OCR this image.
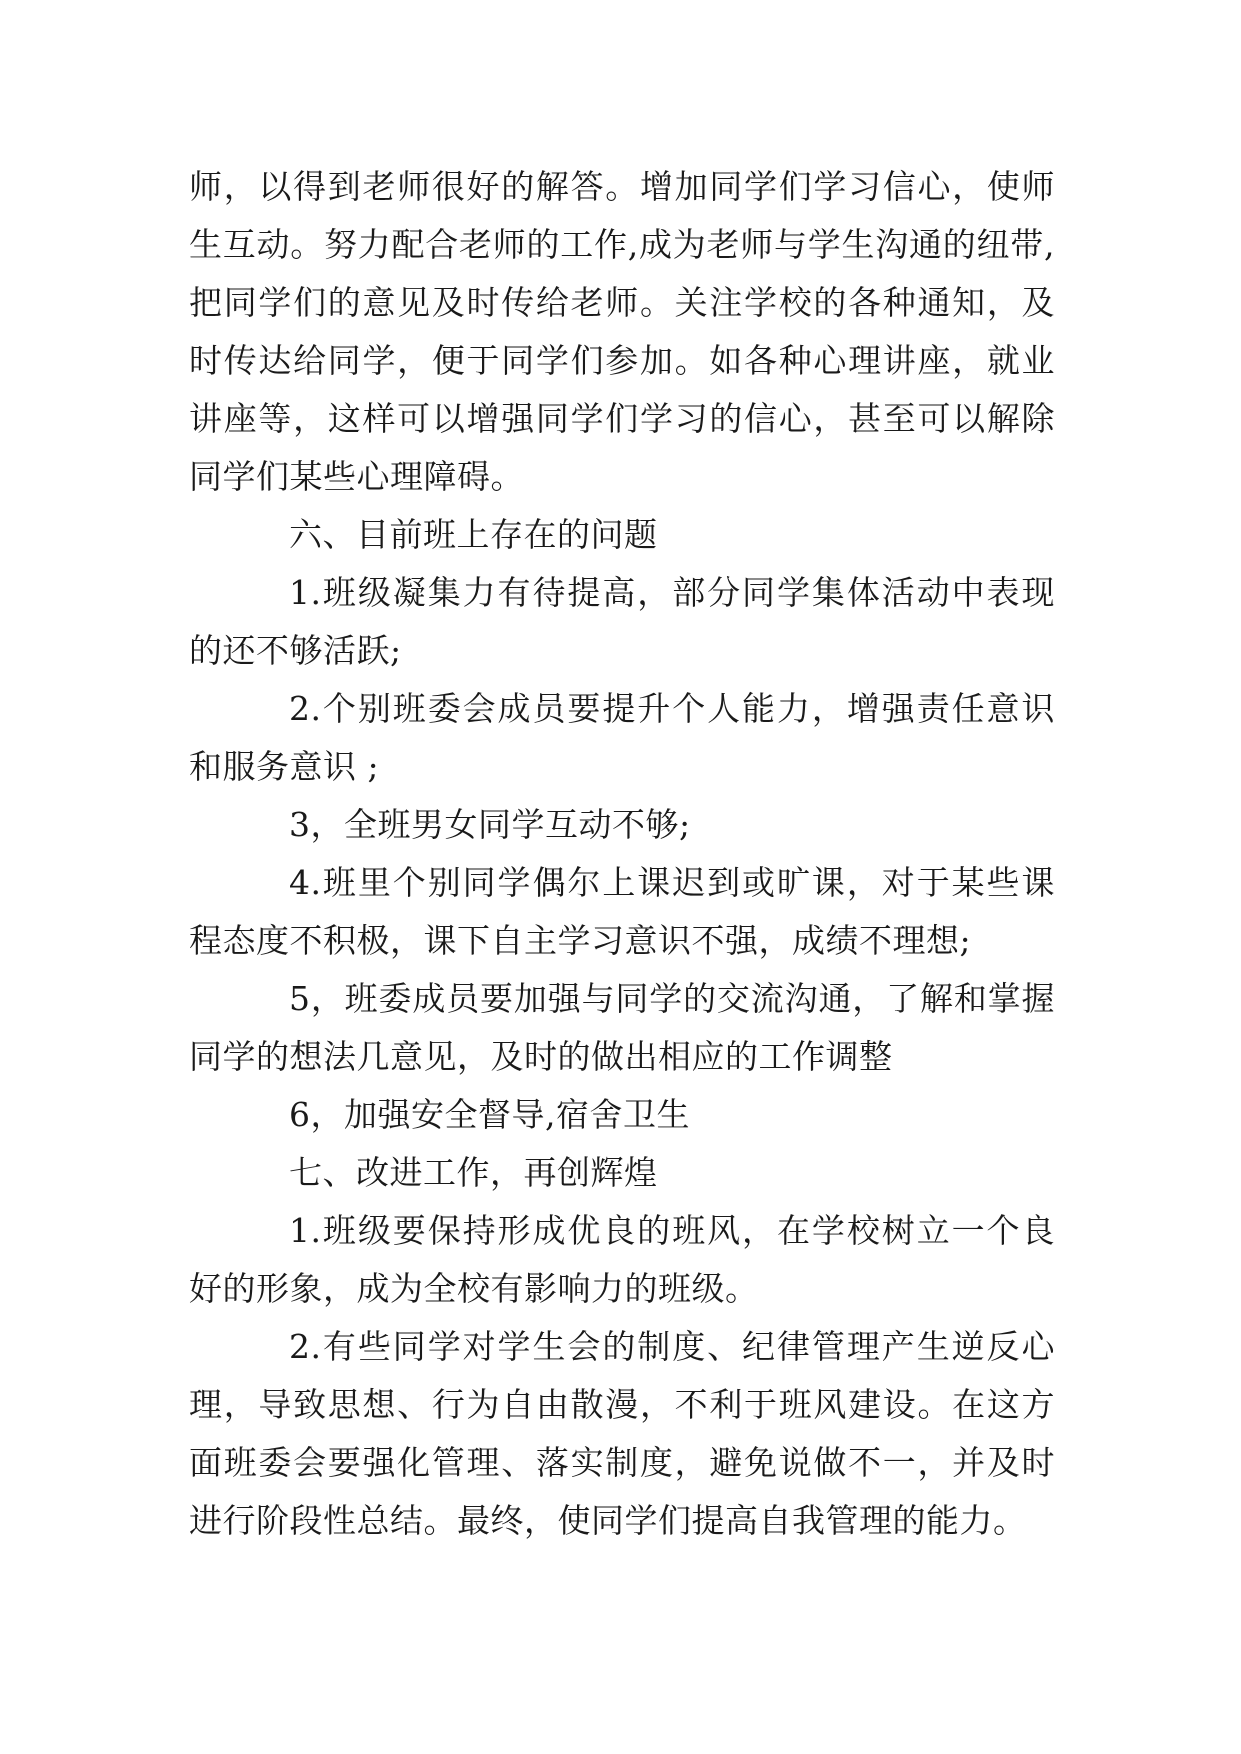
师，以得到老师很好的解答。增加同学们学习信心，使师生互动。努力配合老师的工作,成为老师与学生沟通的纽带,把同学们的意见及时传给老师。关注学校的各种通知，及时传达给同学，便于同学们参加。如各种心理讲座，就业讲座等，这样可以增强同学们学习的信心，甚至可以解除同学们某些心理障碍。

六、目前班上存在的问题

1.班级凝集力有待提高，部分同学集体活动中表现的还不够活跃;

2.个别班委会成员要提升个人能力，增强责任意识和服务意识 ;

3，全班男女同学互动不够;

4.班里个别同学偶尔上课迟到或旷课，对于某些课程态度不积极，课下自主学习意识不强，成绩不理想;

5，班委成员要加强与同学的交流沟通，了解和掌握同学的想法几意见，及时的做出相应的工作调整

6，加强安全督导,宿舍卫生

七、改进工作，再创辉煌

1.班级要保持形成优良的班风，在学校树立一个良好的形象，成为全校有影响力的班级。

2.有些同学对学生会的制度、纪律管理产生逆反心理，导致思想、行为自由散漫，不利于班风建设。在这方面班委会要强化管理、落实制度，避免说做不一，并及时进行阶段性总结。最终，使同学们提高自我管理的能力。
